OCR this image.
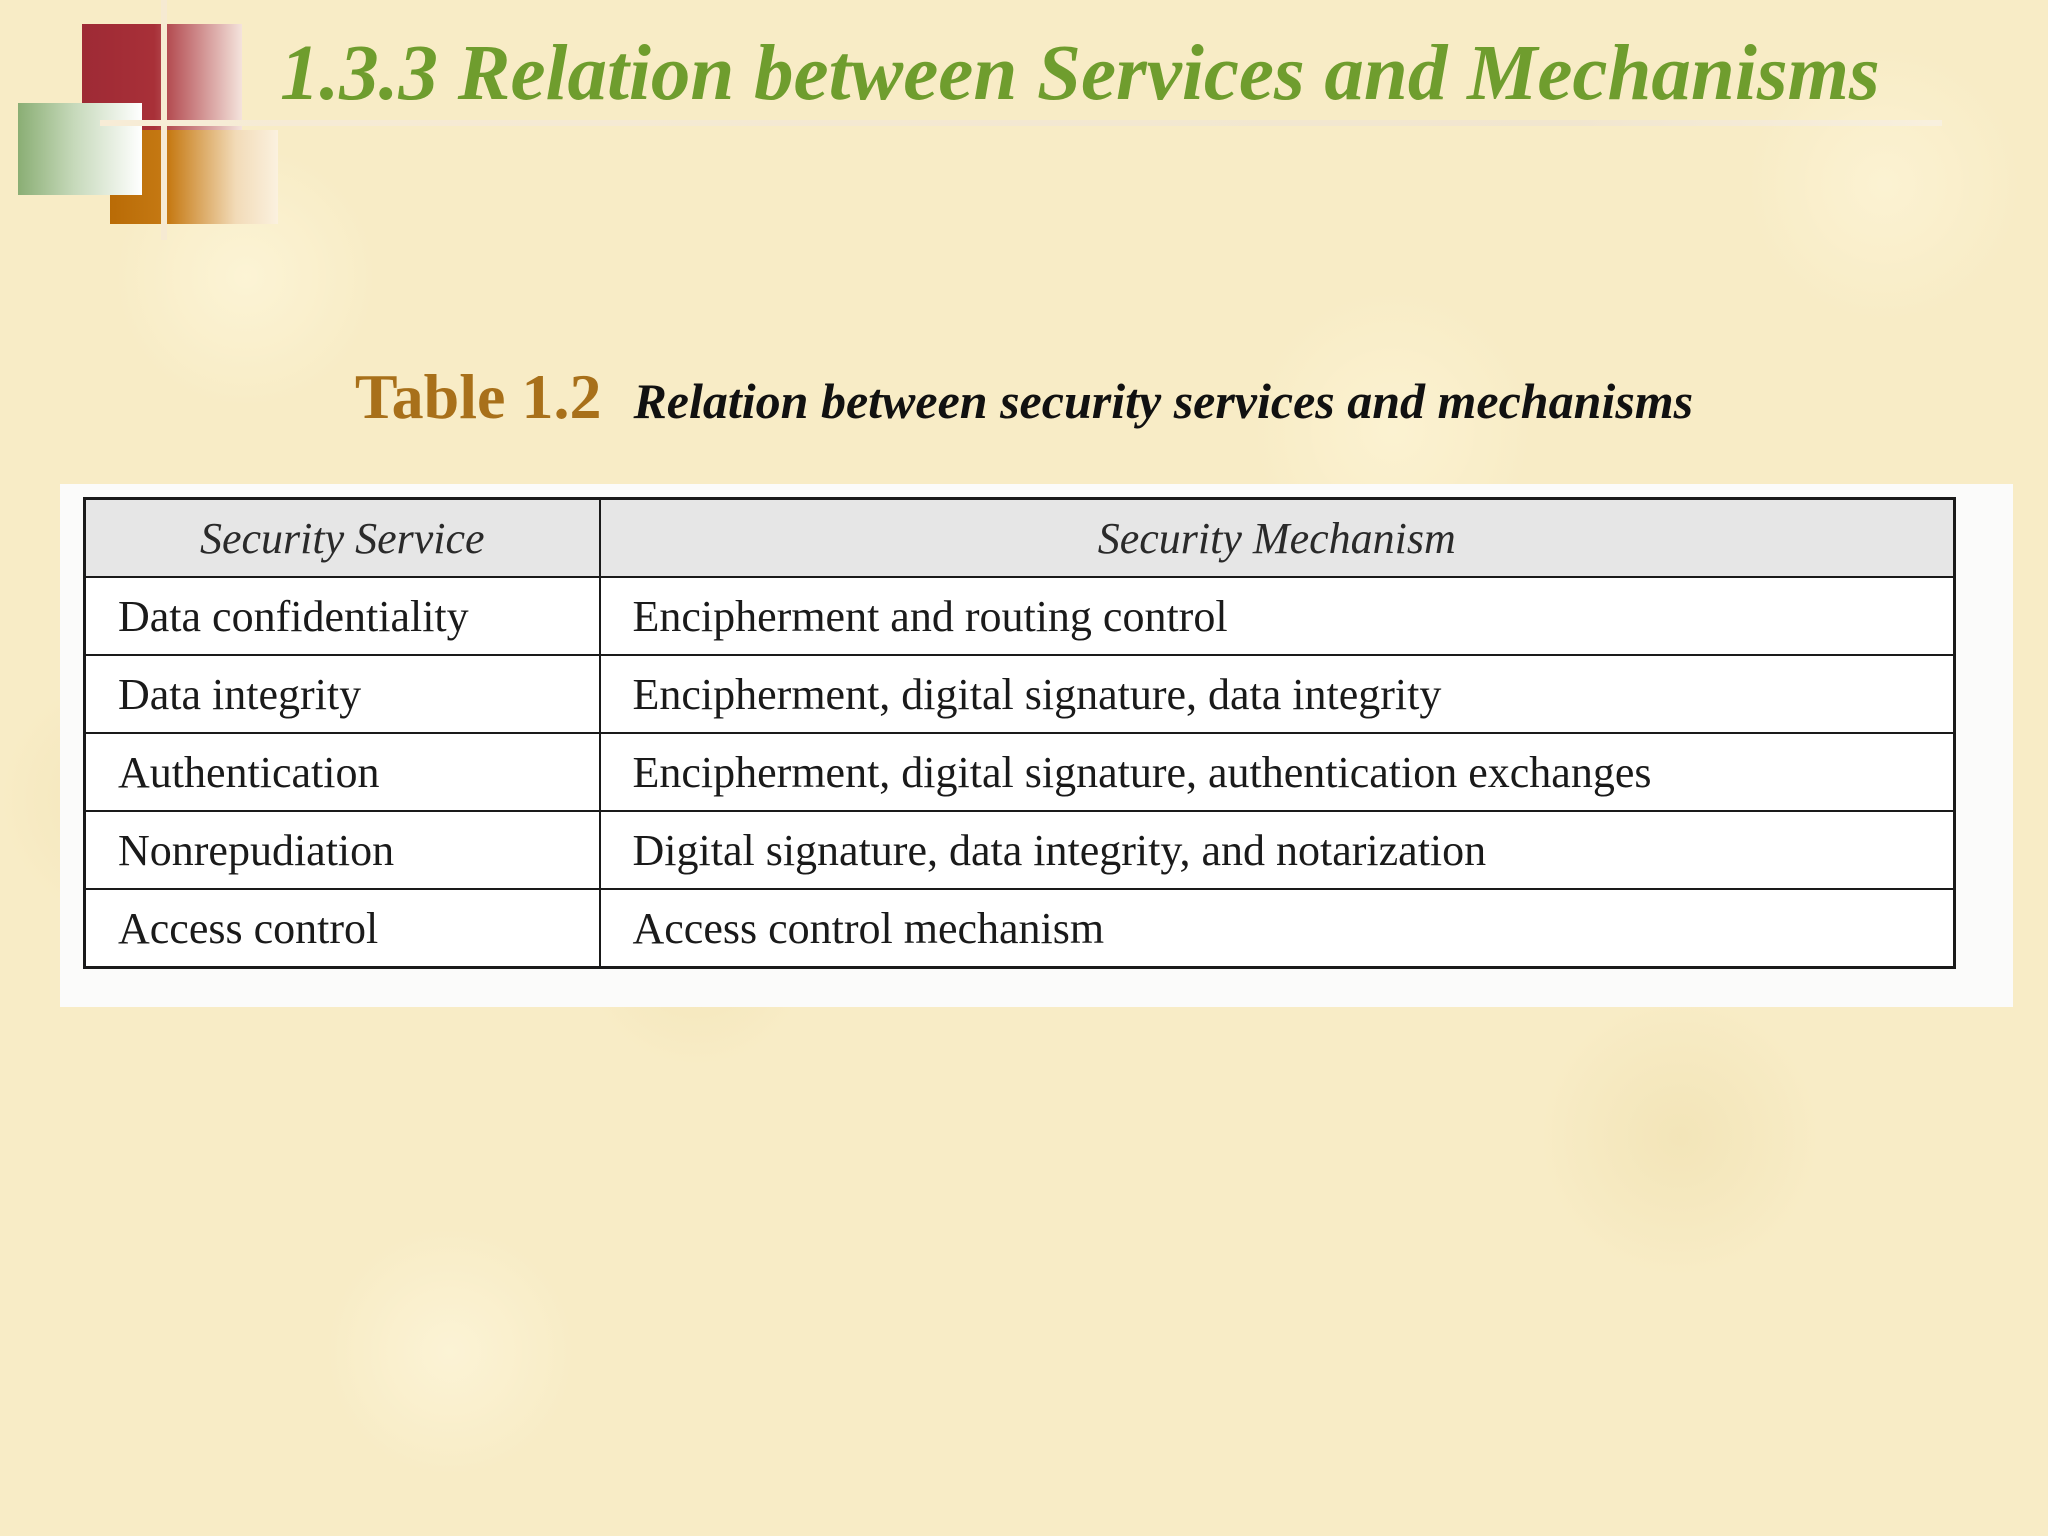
1.3.3 Relation between Services and Mechanisms
Table 1.2 Relation between security services and mechanisms
Security Service	Security Mechanism
Data confidentiality	Encipherment and routing control
Data integrity	Encipherment, digital signature, data integrity
Authentication	Encipherment, digital signature, authentication exchanges
Nonrepudiation	Digital signature, data integrity, and notarization
Access control	Access control mechanism
